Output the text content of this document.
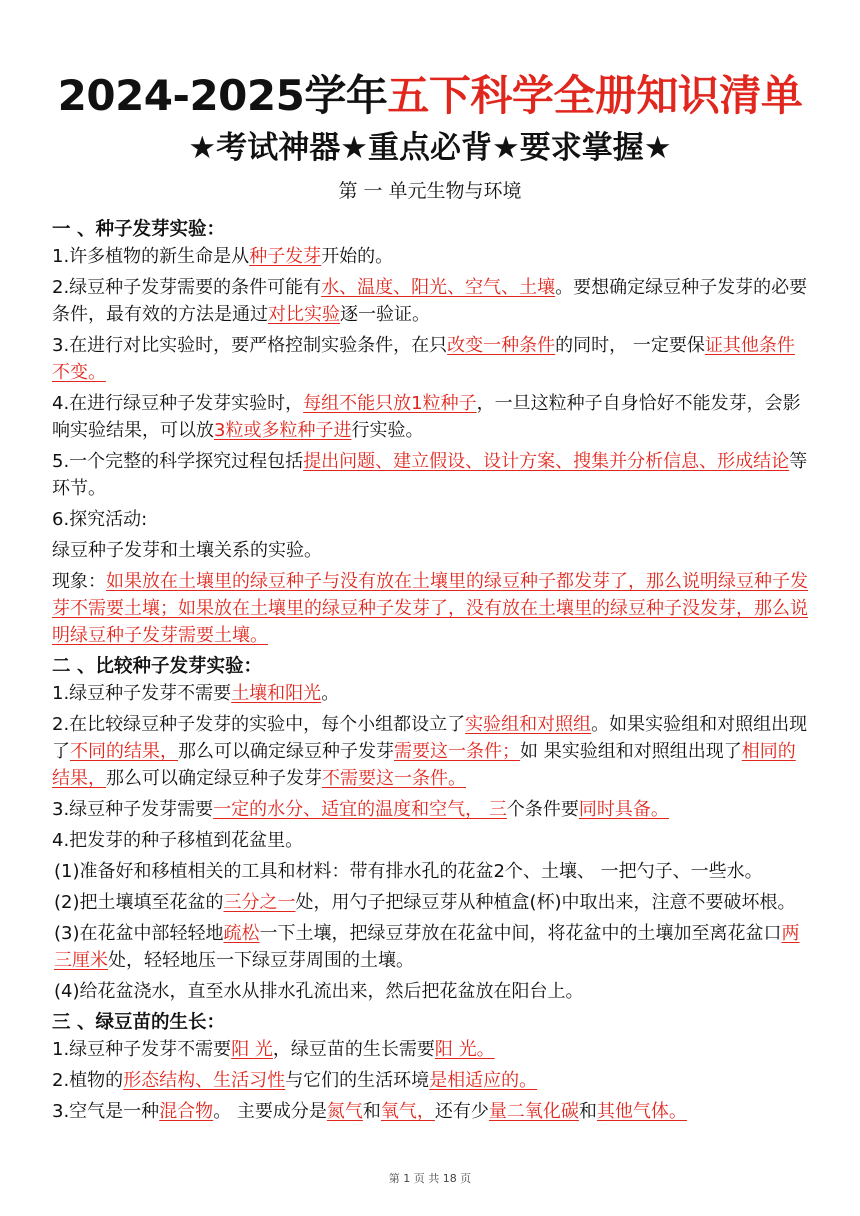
2024-2025学年五下科学全册知识清单
★考试神器★重点必背★要求掌握★
第 一 单元生物与环境
一 、种子发芽实验：
1.许多植物的新生命是从种子发芽开始的。
2.绿豆种子发芽需要的条件可能有水、温度、阳光、空气、土壤。要想确定绿豆种子发芽的必要条件，最有效的方法是通过对比实验逐一验证。
3.在进行对比实验时，要严格控制实验条件，在只改变一种条件的同时， 一定要保证其他条件不变。
4.在进行绿豆种子发芽实验时，每组不能只放1粒种子，一旦这粒种子自身恰好不能发芽，会影响实验结果，可以放3粒或多粒种子进行实验。
5.一个完整的科学探究过程包括提出问题、建立假设、设计方案、搜集并分析信息、形成结论等环节。
6.探究活动:
绿豆种子发芽和土壤关系的实验。
现象：如果放在土壤里的绿豆种子与没有放在土壤里的绿豆种子都发芽了，那么说明绿豆种子发芽不需要土壤；如果放在土壤里的绿豆种子发芽了，没有放在土壤里的绿豆种子没发芽，那么说明绿豆种子发芽需要土壤。
二 、比较种子发芽实验：
1.绿豆种子发芽不需要土壤和阳光。
2.在比较绿豆种子发芽的实验中，每个小组都设立了实验组和对照组。如果实验组和对照组出现了不同的结果，那么可以确定绿豆种子发芽需要这一条件；如 果实验组和对照组出现了相同的结果，那么可以确定绿豆种子发芽不需要这一条件。
3.绿豆种子发芽需要一定的水分、适宜的温度和空气， 三个条件要同时具备。
4.把发芽的种子移植到花盆里。
(1)准备好和移植相关的工具和材料：带有排水孔的花盆2个、土壤、 一把勺子、一些水。
(2)把土壤填至花盆的三分之一处，用勺子把绿豆芽从种植盒(杯)中取出来，注意不要破坏根。
(3)在花盆中部轻轻地疏松一下土壤，把绿豆芽放在花盆中间，将花盆中的土壤加至离花盆口两三厘米处，轻轻地压一下绿豆芽周围的土壤。
(4)给花盆浇水，直至水从排水孔流出来，然后把花盆放在阳台上。
三 、绿豆苗的生长：
1.绿豆种子发芽不需要阳 光，绿豆苗的生长需要阳 光。
2.植物的形态结构、生活习性与它们的生活环境是相适应的。
3.空气是一种混合物。 主要成分是氮气和氧气，还有少量二氧化碳和其他气体。
第 1 页 共 18 页
